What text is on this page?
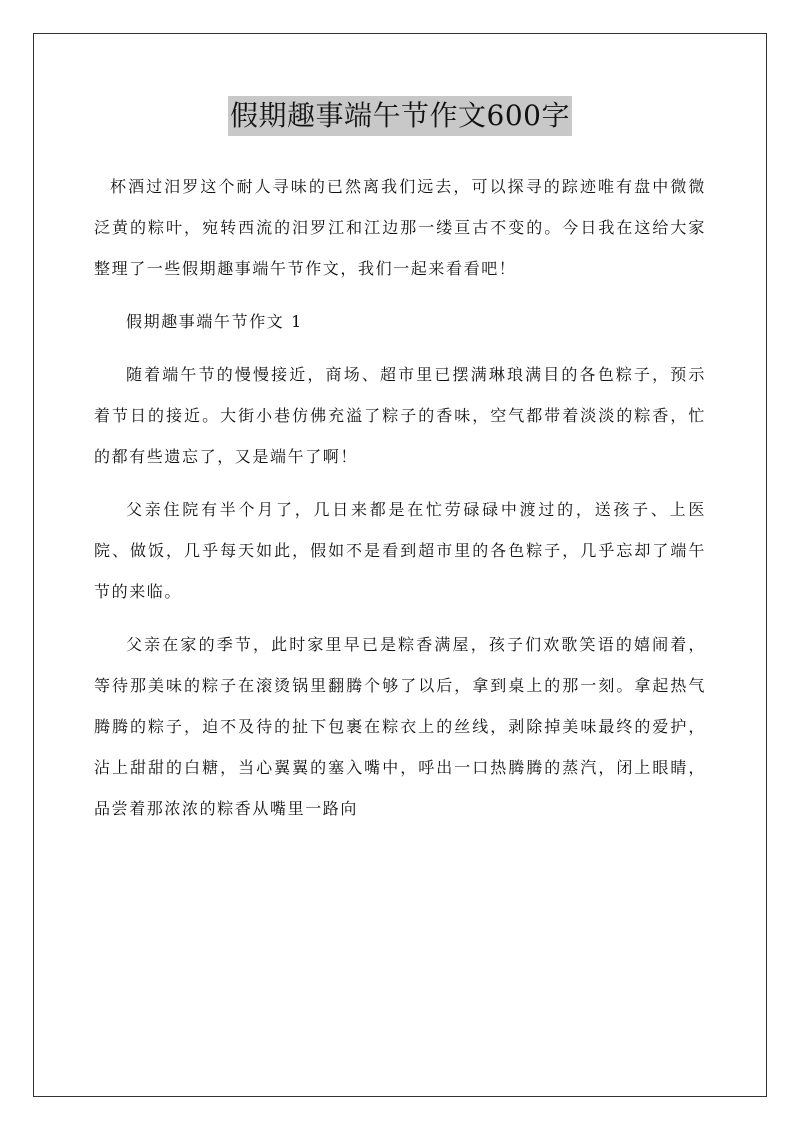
假期趣事端午节作文600字

杯酒过汨罗这个耐人寻味的已然离我们远去，可以探寻的踪迹唯有盘中微微泛黄的粽叶，宛转西流的汨罗江和江边那一缕亘古不变的。今日我在这给大家整理了一些假期趣事端午节作文，我们一起来看看吧！

假期趣事端午节作文 1

随着端午节的慢慢接近，商场、超市里已摆满琳琅满目的各色粽子，预示着节日的接近。大街小巷仿佛充溢了粽子的香味，空气都带着淡淡的粽香，忙的都有些遗忘了，又是端午了啊！

父亲住院有半个月了，几日来都是在忙劳碌碌中渡过的，送孩子、上医院、做饭，几乎每天如此，假如不是看到超市里的各色粽子，几乎忘却了端午节的来临。

父亲在家的季节，此时家里早已是粽香满屋，孩子们欢歌笑语的嬉闹着，等待那美味的粽子在滚烫锅里翻腾个够了以后，拿到桌上的那一刻。拿起热气腾腾的粽子，迫不及待的扯下包裹在粽衣上的丝线，剥除掉美味最终的爱护，沾上甜甜的白糖，当心翼翼的塞入嘴中，呼出一口热腾腾的蒸汽，闭上眼睛，品尝着那浓浓的粽香从嘴里一路向
